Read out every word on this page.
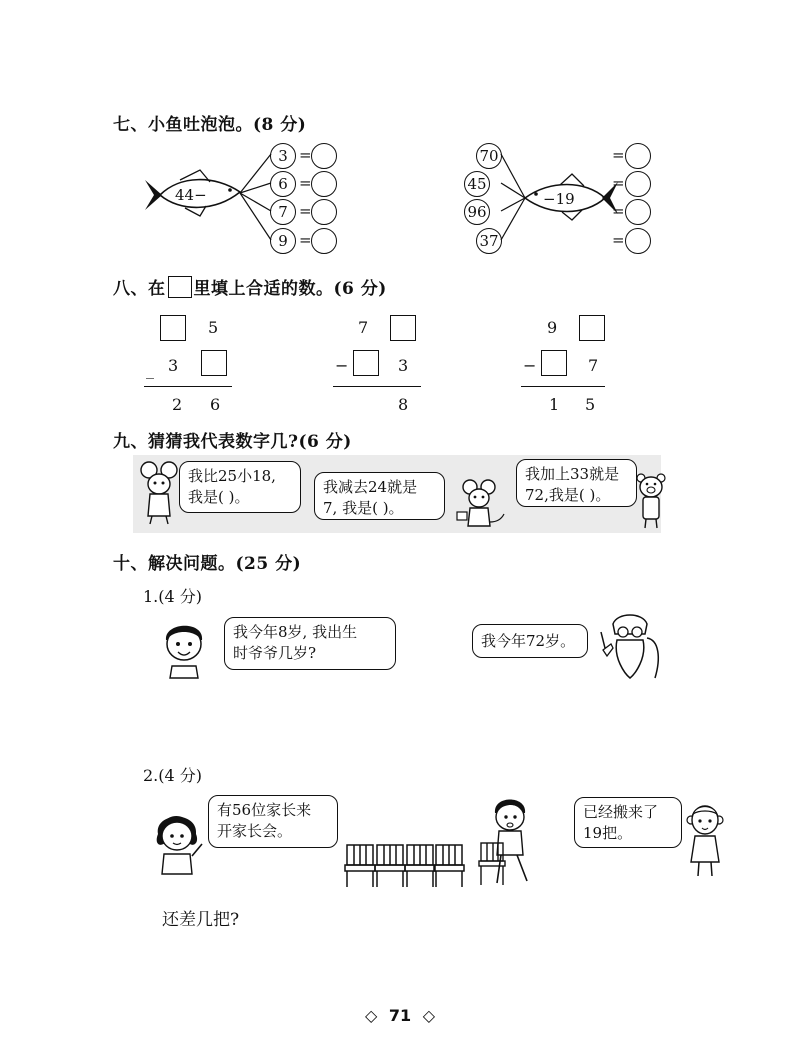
七、小鱼吐泡泡。(8 分)
44−
3
6
7
9
=
=
=
=
−19
70
45
96
37
=
=
=
=
八、在 里填上合适的数。(6 分)
5
_ 3
2 6
7
−	3
8
9
−	7
1 5
九、猜猜我代表数字几?(6 分)
我比25小18,
我是( )。
我减去24就是
7, 我是( )。
我加上33就是
72,我是( )。
十、解决问题。(25 分)
1.(4 分)
我今年8岁, 我出生
时爷爷几岁?
我今年72岁。
2.(4 分)
有56位家长来
开家长会。
已经搬来了
19把。
还差几把?
◇ 71 ◇
